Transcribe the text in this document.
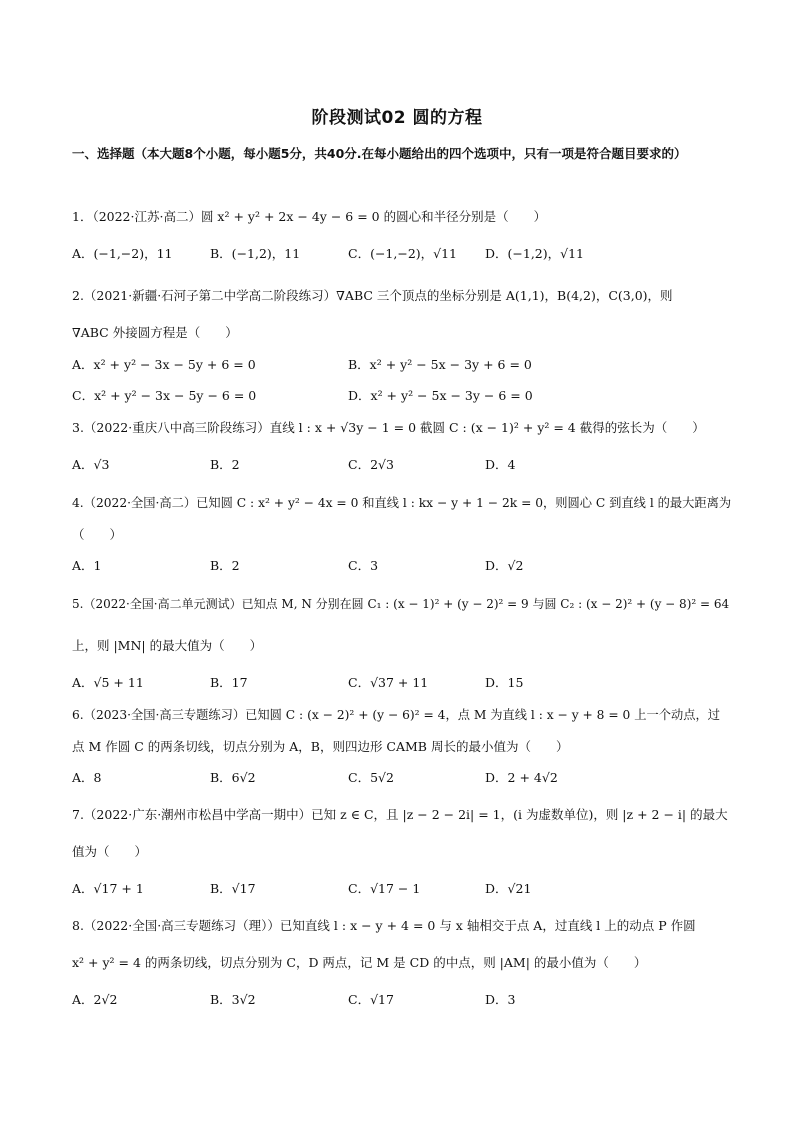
阶段测试02 圆的方程
一、选择题（本大题8个小题，每小题5分，共40分.在每小题给出的四个选项中，只有一项是符合题目要求的）
1．（2022·江苏·高二）圆 x² + y² + 2x − 4y − 6 = 0 的圆心和半径分别是（　　）
A．(−1,−2)，11	B．(−1,2)，11	C．(−1,−2)，√11 D．(−1,2)，√11
2.（2021·新疆·石河子第二中学高二阶段练习）∇ABC 三个顶点的坐标分别是 A(1,1)，B(4,2)，C(3,0)，则
∇ABC 外接圆方程是（　　）
A．x² + y² − 3x − 5y + 6 = 0	B．x² + y² − 5x − 3y + 6 = 0
C．x² + y² − 3x − 5y − 6 = 0	D．x² + y² − 5x − 3y − 6 = 0
3.（2022·重庆八中高三阶段练习）直线 l : x + √3y − 1 = 0 截圆 C : (x − 1)² + y² = 4 截得的弦长为（　　）
A．√3	B．2	C．2√3	D．4
4.（2022·全国·高二）已知圆 C : x² + y² − 4x = 0 和直线 l : kx − y + 1 − 2k = 0，则圆心 C 到直线 l 的最大距离为
（　　）
A．1	B．2	C．3	D．√2
5.（2022·全国·高二单元测试）已知点 M, N 分别在圆 C₁ : (x − 1)² + (y − 2)² = 9 与圆 C₂ : (x − 2)² + (y − 8)² = 64
上，则 |MN| 的最大值为（　　）
A．√5 + 11	B．17	C．√37 + 11	D．15
6.（2023·全国·高三专题练习）已知圆 C : (x − 2)² + (y − 6)² = 4，点 M 为直线 l : x − y + 8 = 0 上一个动点，过
点 M 作圆 C 的两条切线，切点分别为 A，B，则四边形 CAMB 周长的最小值为（　　）
A．8	B．6√2	C．5√2	D．2 + 4√2
7.（2022·广东·潮州市松昌中学高一期中）已知 z ∈ C，且 |z − 2 − 2i| = 1，(i 为虚数单位)，则 |z + 2 − i| 的最大
值为（　　）
A．√17 + 1	B．√17	C．√17 − 1	D．√21
8.（2022·全国·高三专题练习（理））已知直线 l : x − y + 4 = 0 与 x 轴相交于点 A，过直线 l 上的动点 P 作圆
x² + y² = 4 的两条切线，切点分别为 C，D 两点，记 M 是 CD 的中点，则 |AM| 的最小值为（　　）
A．2√2	B．3√2	C．√17	D．3
